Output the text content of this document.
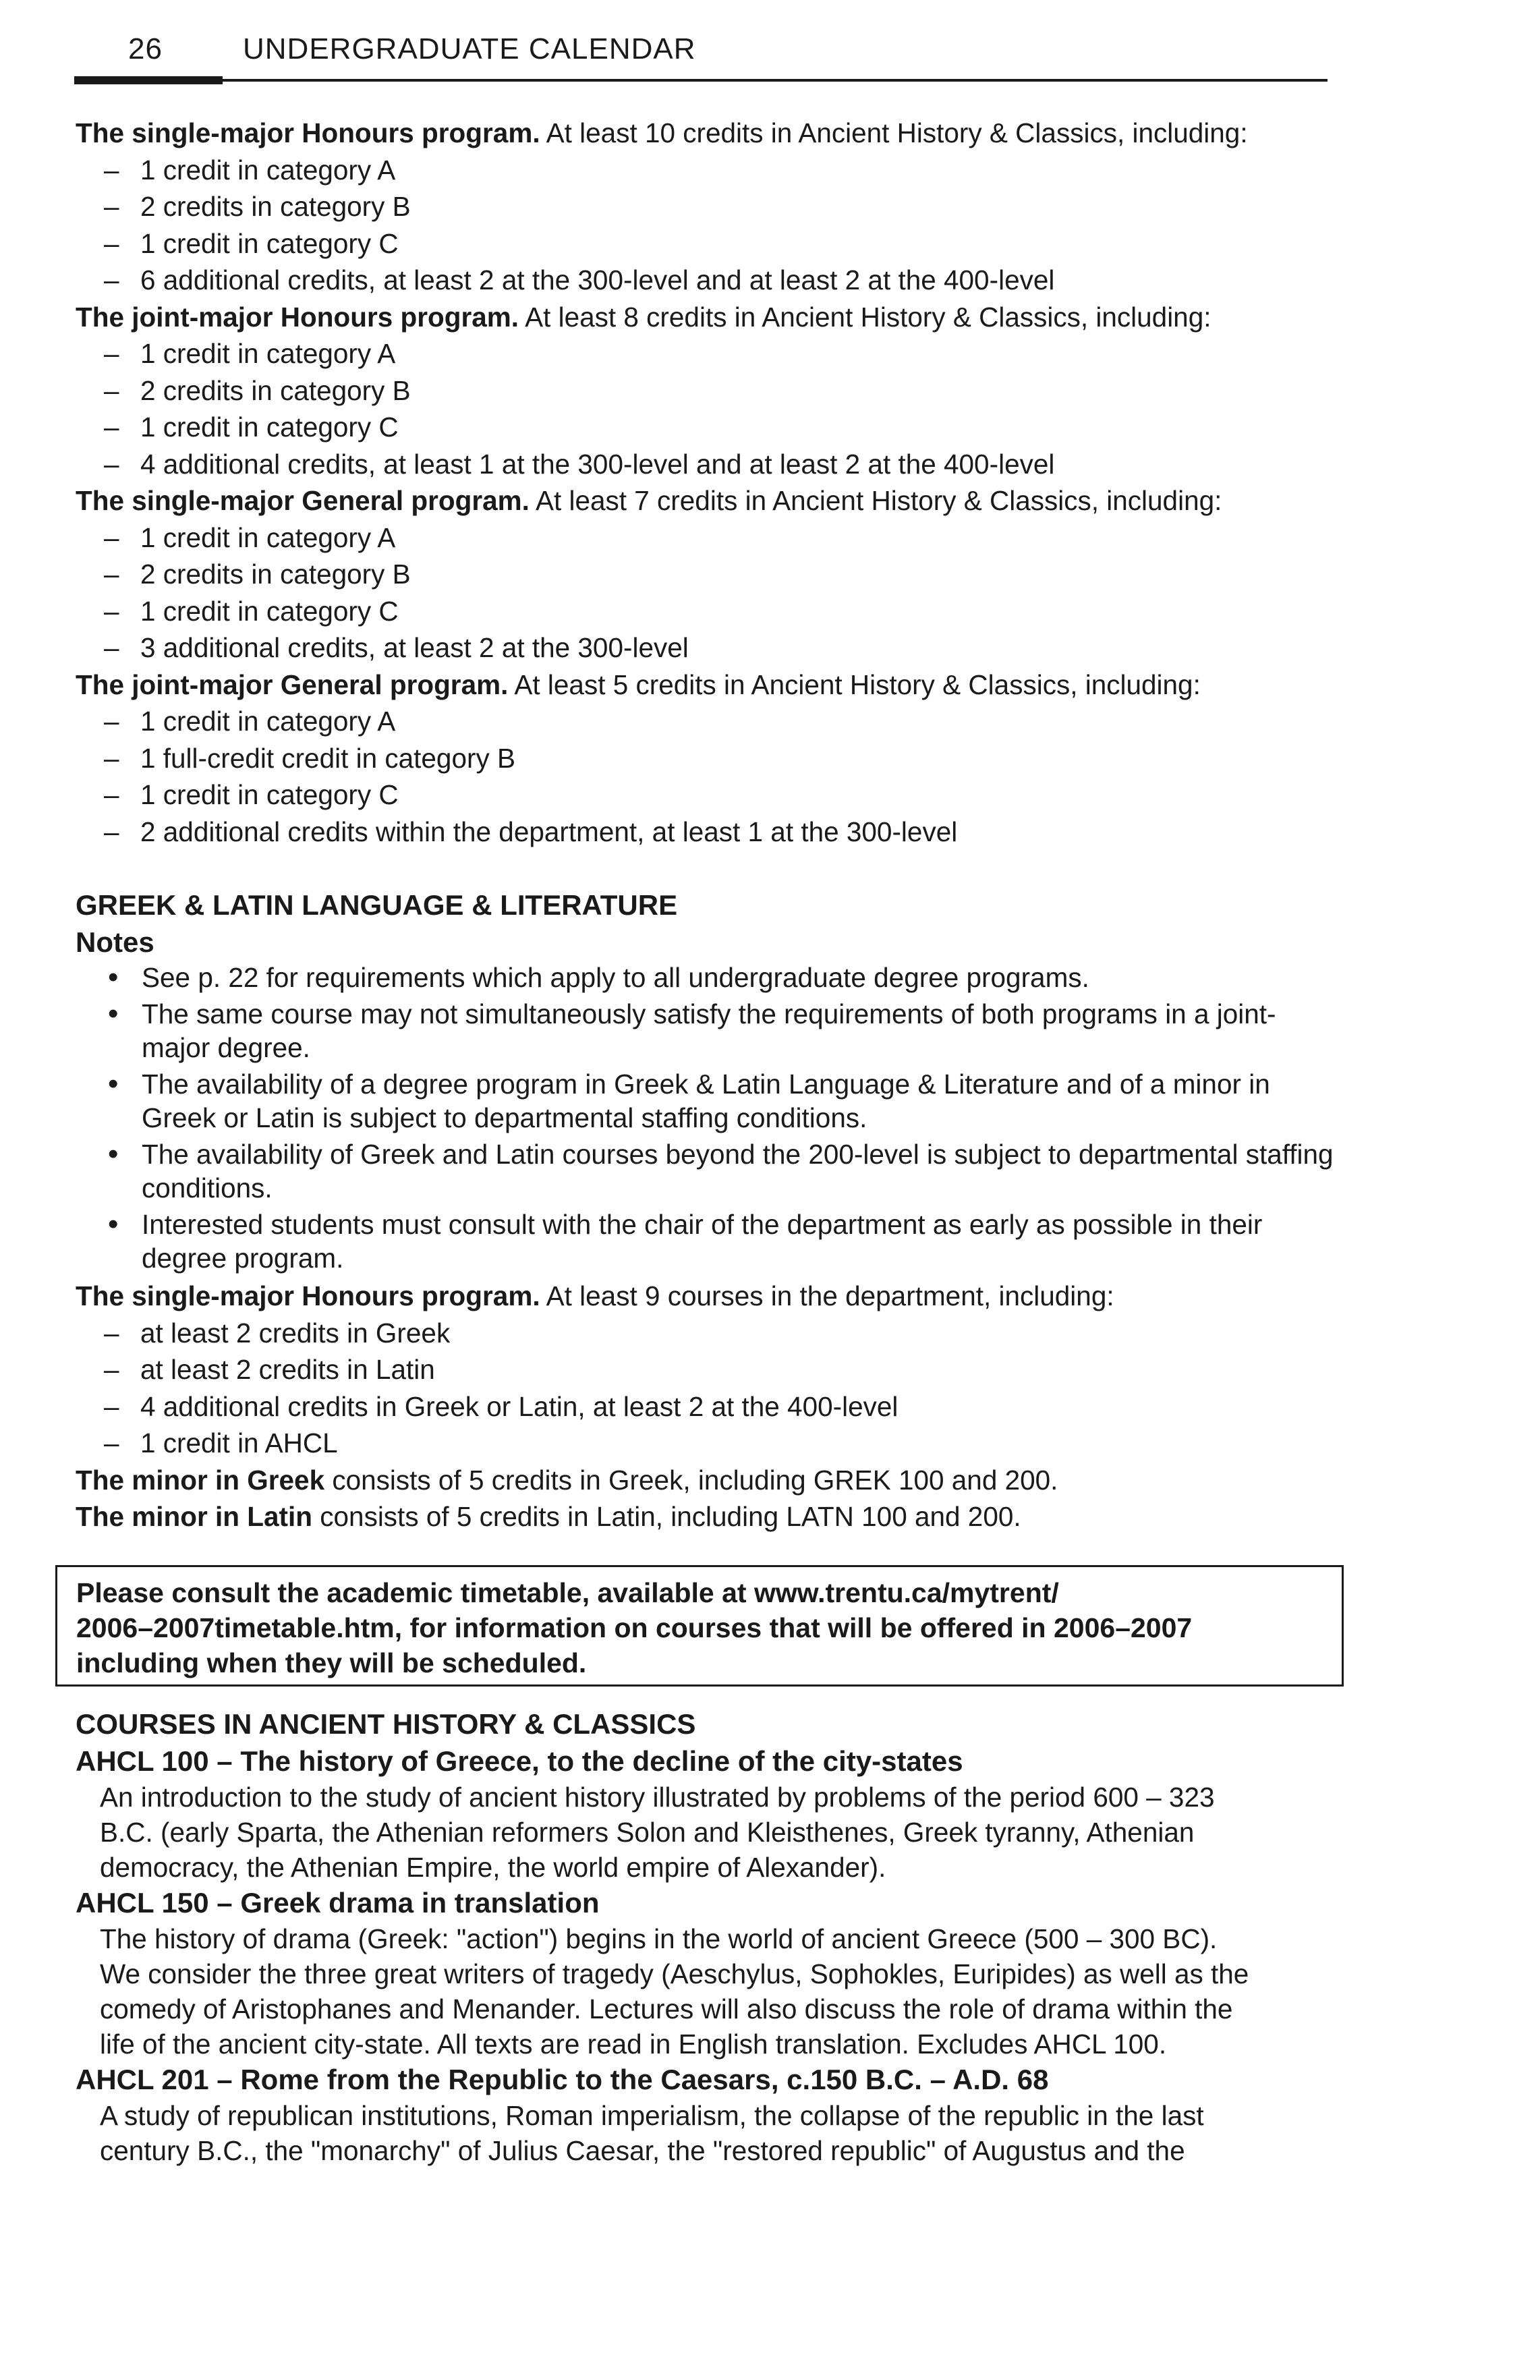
26	UNDERGRADUATE CALENDAR
The single-major Honours program. At least 10 credits in Ancient History & Classics, including:
– 1 credit in category A
– 2 credits in category B
– 1 credit in category C
– 6 additional credits, at least 2 at the 300-level and at least 2 at the 400-level
The joint-major Honours program. At least 8 credits in Ancient History & Classics, including:
– 1 credit in category A
– 2 credits in category B
– 1 credit in category C
– 4 additional credits, at least 1 at the 300-level and at least 2 at the 400-level
The single-major General program. At least 7 credits in Ancient History & Classics, including:
– 1 credit in category A
– 2 credits in category B
– 1 credit in category C
– 3 additional credits, at least 2 at the 300-level
The joint-major General program. At least 5 credits in Ancient History & Classics, including:
– 1 credit in category A
– 1 full-credit credit in category B
– 1 credit in category C
– 2 additional credits within the department, at least 1 at the 300-level
GREEK & LATIN LANGUAGE & LITERATURE
Notes
• See p. 22 for requirements which apply to all undergraduate degree programs.
• The same course may not simultaneously satisfy the requirements of both programs in a joint-major degree.
• The availability of a degree program in Greek & Latin Language & Literature and of a minor in Greek or Latin is subject to departmental staffing conditions.
• The availability of Greek and Latin courses beyond the 200-level is subject to departmental staffing conditions.
• Interested students must consult with the chair of the department as early as possible in their degree program.
The single-major Honours program. At least 9 courses in the department, including:
– at least 2 credits in Greek
– at least 2 credits in Latin
– 4 additional credits in Greek or Latin, at least 2 at the 400-level
– 1 credit in AHCL
The minor in Greek consists of 5 credits in Greek, including GREK 100 and 200.
The minor in Latin consists of 5 credits in Latin, including LATN 100 and 200.
Please consult the academic timetable, available at www.trentu.ca/mytrent/
2006–2007timetable.htm, for information on courses that will be offered in 2006–2007
including when they will be scheduled.
COURSES IN ANCIENT HISTORY & CLASSICS
AHCL 100 – The history of Greece, to the decline of the city-states
An introduction to the study of ancient history illustrated by problems of the period 600 – 323
B.C. (early Sparta, the Athenian reformers Solon and Kleisthenes, Greek tyranny, Athenian
democracy, the Athenian Empire, the world empire of Alexander).
AHCL 150 – Greek drama in translation
The history of drama (Greek: "action") begins in the world of ancient Greece (500 – 300 BC).
We consider the three great writers of tragedy (Aeschylus, Sophokles, Euripides) as well as the
comedy of Aristophanes and Menander. Lectures will also discuss the role of drama within the
life of the ancient city-state. All texts are read in English translation. Excludes AHCL 100.
AHCL 201 – Rome from the Republic to the Caesars, c.150 B.C. – A.D. 68
A study of republican institutions, Roman imperialism, the collapse of the republic in the last
century B.C., the "monarchy" of Julius Caesar, the "restored republic" of Augustus and the
